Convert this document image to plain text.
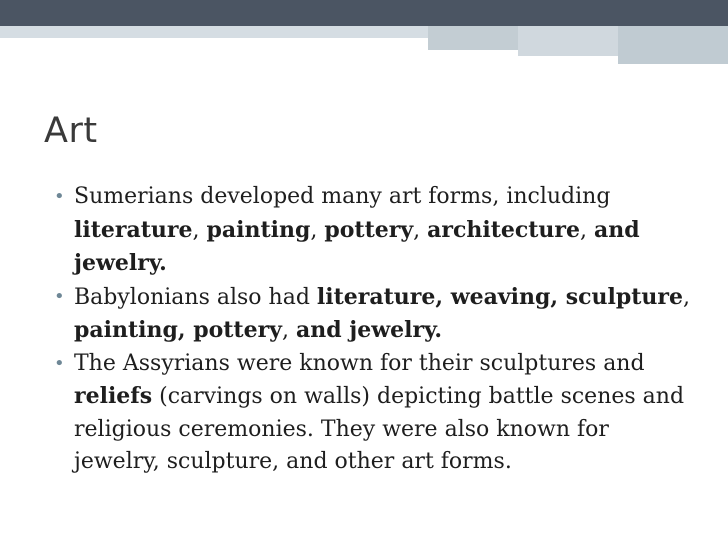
Art
• Sumerians developed many art forms, including literature, painting, pottery, architecture, and jewelry.
• Babylonians also had literature, weaving, sculpture, painting, pottery, and jewelry.
• The Assyrians were known for their sculptures and reliefs (carvings on walls) depicting battle scenes and religious ceremonies. They were also known for jewelry, sculpture, and other art forms.
